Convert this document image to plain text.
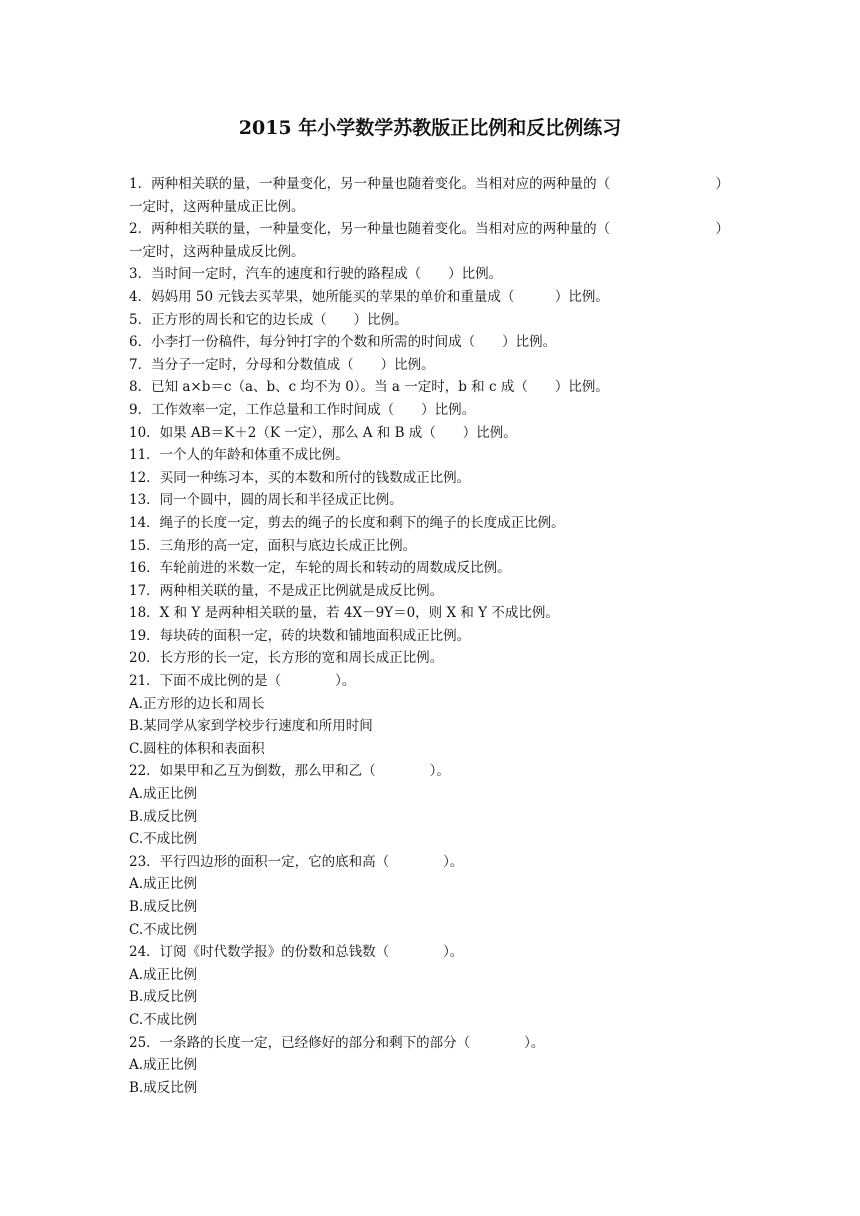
2015 年小学数学苏教版正比例和反比例练习
1．两种相关联的量，一种量变化，另一种量也随着变化。当相对应的两种量的（	）
一定时，这两种量成正比例。
2．两种相关联的量，一种量变化，另一种量也随着变化。当相对应的两种量的（	）
一定时，这两种量成反比例。
3．当时间一定时，汽车的速度和行驶的路程成（　　）比例。
4．妈妈用 50 元钱去买苹果，她所能买的苹果的单价和重量成（　　　）比例。
5．正方形的周长和它的边长成（　　）比例。
6．小李打一份稿件，每分钟打字的个数和所需的时间成（　　）比例。
7．当分子一定时，分母和分数值成（　　）比例。
8．已知 a×b＝c（a、b、c 均不为 0）。当 a 一定时，b 和 c 成（　　）比例。
9．工作效率一定，工作总量和工作时间成（　　）比例。
10．如果 AB＝K＋2（K 一定），那么 A 和 B 成（　　）比例。
11．一个人的年龄和体重不成比例。
12．买同一种练习本，买的本数和所付的钱数成正比例。
13．同一个圆中，圆的周长和半径成正比例。
14．绳子的长度一定，剪去的绳子的长度和剩下的绳子的长度成正比例。
15．三角形的高一定，面积与底边长成正比例。
16．车轮前进的米数一定，车轮的周长和转动的周数成反比例。
17．两种相关联的量，不是成正比例就是成反比例。
18．X 和 Y 是两种相关联的量，若 4X－9Y＝0，则 X 和 Y 不成比例。
19．每块砖的面积一定，砖的块数和铺地面积成正比例。
20．长方形的长一定，长方形的宽和周长成正比例。
21．下面不成比例的是（　　　　）。
A.正方形的边长和周长
B.某同学从家到学校步行速度和所用时间
C.圆柱的体积和表面积
22．如果甲和乙互为倒数，那么甲和乙（　　　　）。
A.成正比例
B.成反比例
C.不成比例
23．平行四边形的面积一定，它的底和高（　　　　）。
A.成正比例
B.成反比例
C.不成比例
24．订阅《时代数学报》的份数和总钱数（　　　　）。
A.成正比例
B.成反比例
C.不成比例
25．一条路的长度一定，已经修好的部分和剩下的部分（　　　　）。
A.成正比例
B.成反比例
